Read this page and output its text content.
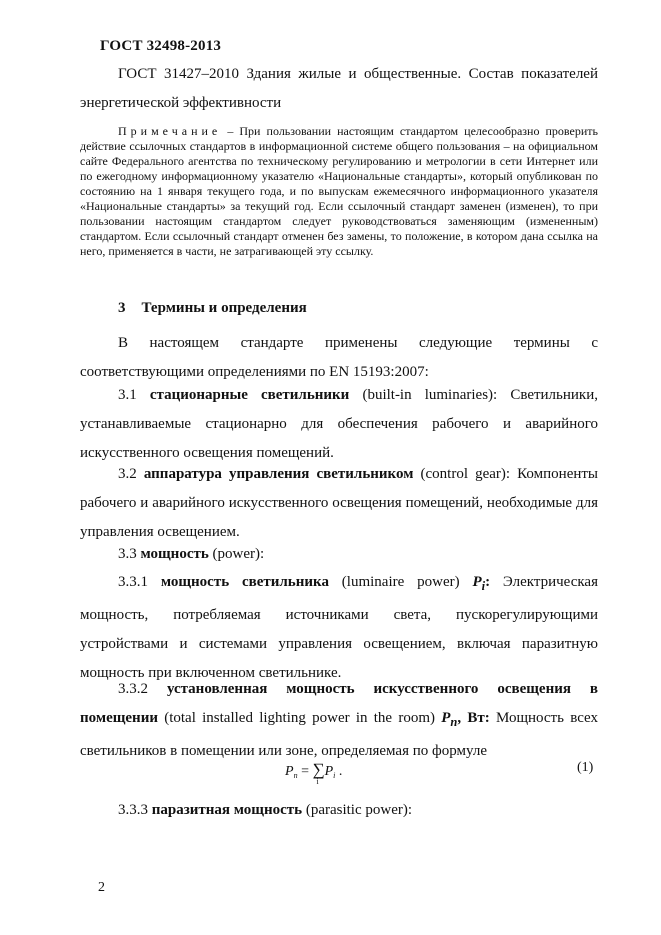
ГОСТ 32498-2013

ГОСТ 31427–2010 Здания жилые и общественные. Состав показателей энергетической эффективности

Примечание – При пользовании настоящим стандартом целесообразно проверить действие ссылочных стандартов в информационной системе общего пользования – на официальном сайте Федерального агентства по техническому регулированию и метрологии в сети Интернет или по ежегодному информационному указателю «Национальные стандарты», который опубликован по состоянию на 1 января текущего года, и по выпускам ежемесячного информационного указателя «Национальные стандарты» за текущий год. Если ссылочный стандарт заменен (изменен), то при пользовании настоящим стандартом следует руководствоваться заменяющим (измененным) стандартом. Если ссылочный стандарт отменен без замены, то положение, в котором дана ссылка на него, применяется в части, не затрагивающей эту ссылку.
3 Термины и определения

В настоящем стандарте применены следующие термины с соответствующими определениями по EN 15193:2007:

3.1 стационарные светильники (built-in luminaries): Светильники, устанавливаемые стационарно для обеспечения рабочего и аварийного искусственного освещения помещений.

3.2 аппаратура управления светильником (control gear): Компоненты рабочего и аварийного искусственного освещения помещений, необходимые для управления освещением.

3.3 мощность (power):

3.3.1 мощность светильника (luminaire power) $P_i$: Электрическая мощность, потребляемая источниками света, пускорегулирующими устройствами и системами управления освещением, включая паразитную мощность при включенном светильнике.

3.3.2 установленная мощность искусственного освещения в помещении (total installed lighting power in the room) $P_n$, Вт: Мощность всех светильников в помещении или зоне, определяемая по формуле

$P_n$ = ∑
i
$P_i$ .	(1)

3.3.3 паразитная мощность (parasitic power):

2
